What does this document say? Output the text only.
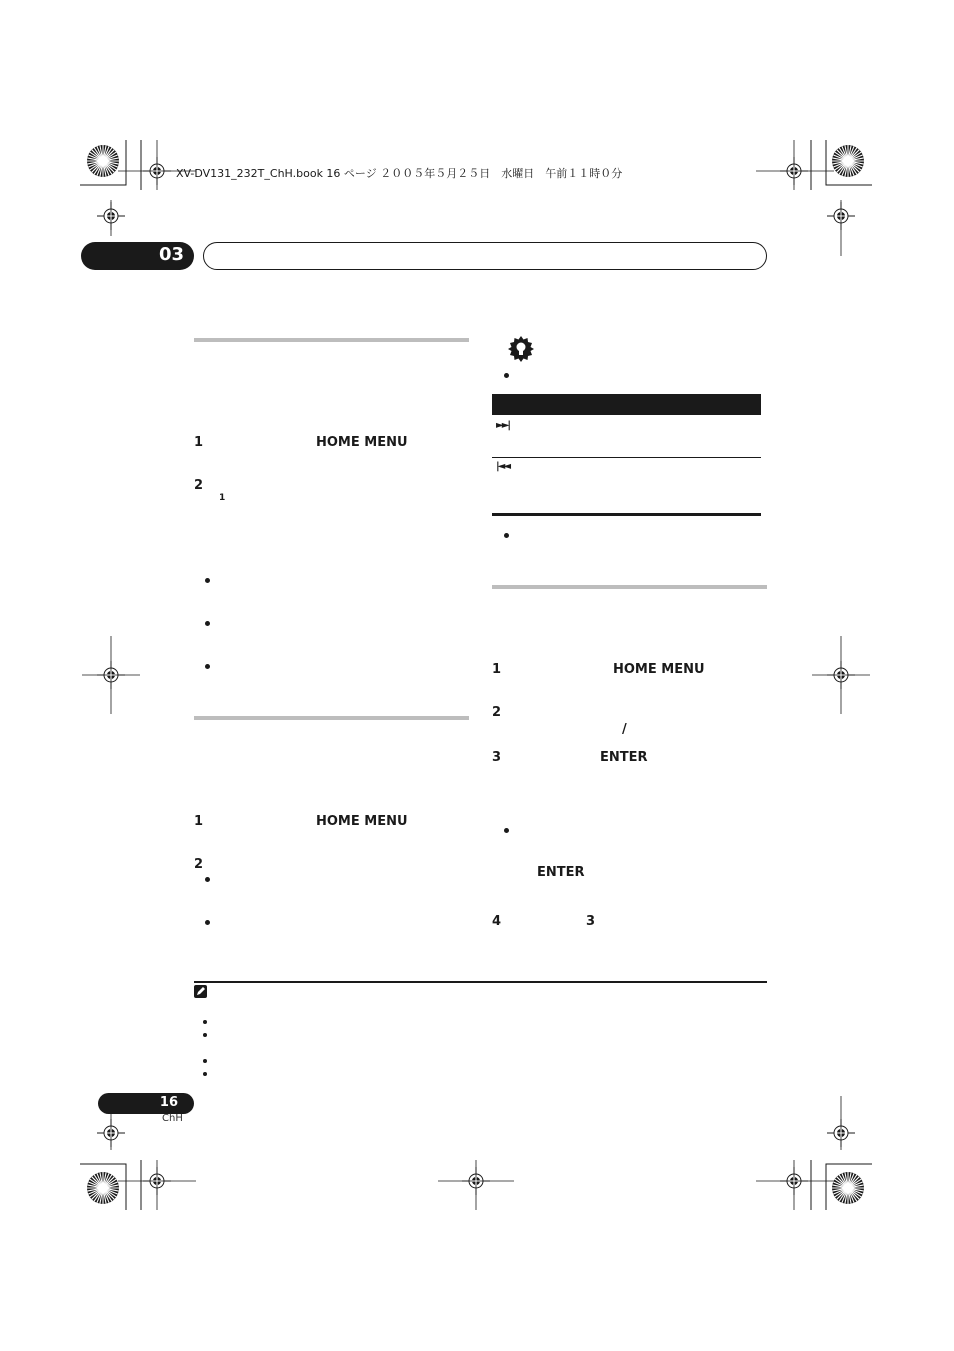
XV-DV131_232T_ChH.book 16 ページ ２００５年５月２５日　水曜日　午前１１時０分
03
1	HOME MENU
2
1
1	HOME MENU
2
►►|
|◄◄
1	HOME MENU
2
/
3	ENTER
ENTER
4	3
16
ChH
